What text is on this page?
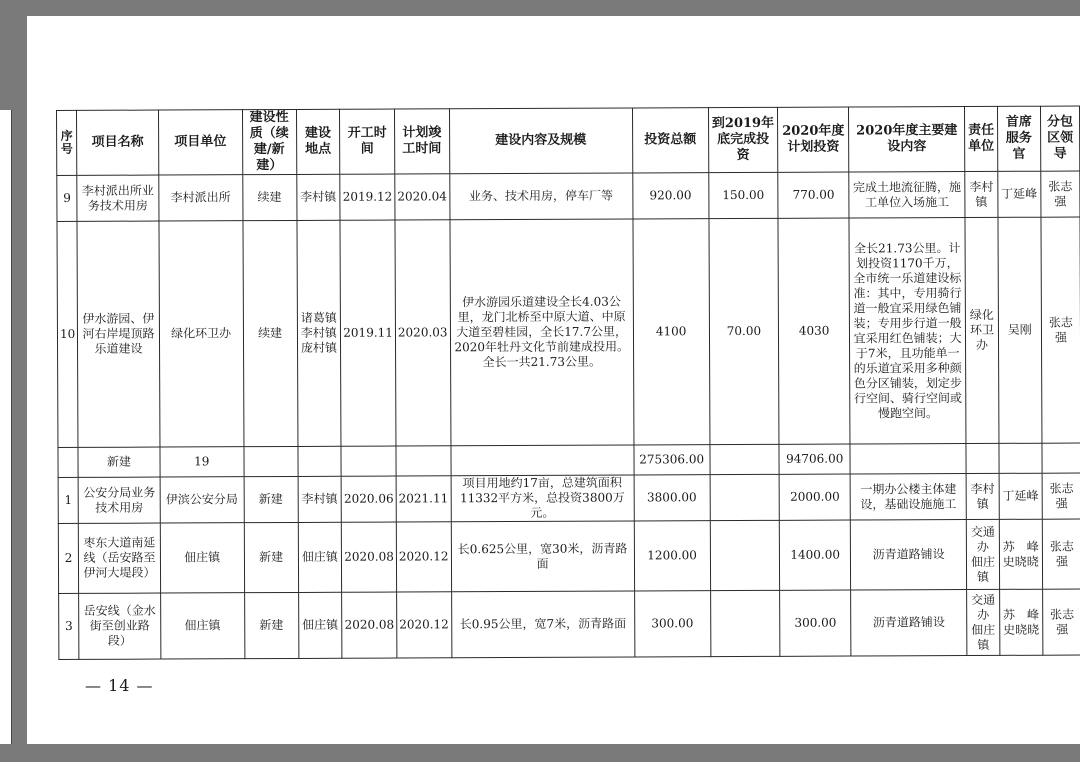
序号	项目名称	项目单位	建设性质（续建/新建）	建设地点	开工时间	计划竣工时间	建设内容及规模	投资总额	到2019年底完成投资	2020年度计划投资	2020年度主要建设内容	责任单位	首席服务官	分包区领导
9	李村派出所业务技术用房	李村派出所	续建	李村镇	2019.12	2020.04	业务、技术用房，停车厂等	920.00	150.00	770.00	完成土地流征腾，施工单位入场施工	李村镇	丁延峰	张志强
10	伊水游园、伊河右岸堤顶路乐道建设	绿化环卫办	续建	诸葛镇 李村镇 庞村镇	2019.11	2020.03	伊水游园乐道建设全长4.03公里，龙门北桥至中原大道、中原大道至碧桂园，全长17.7公里，2020年牡丹文化节前建成投用。全长一共21.73公里。	4100	70.00	4030	全长21.73公里。计划投资1170千万，全市统一乐道建设标准：其中，专用骑行道一般宜采用绿色铺装；专用步行道一般宜采用红色铺装；大于7米，且功能单一的乐道宜采用多种颜色分区铺装，划定步行空间、骑行空间或慢跑空间。	绿化环卫办	吴刚	张志强
	新建	19						275306.00		94706.00				
1	公安分局业务技术用房	伊滨公安分局	新建	李村镇	2020.06	2021.11	项目用地约17亩，总建筑面积11332平方米，总投资3800万元。	3800.00		2000.00	一期办公楼主体建设，基础设施施工	李村镇	丁延峰	张志强
2	枣东大道南延线（岳安路至伊河大堤段）	佃庄镇	新建	佃庄镇	2020.08	2020.12	长0.625公里，宽30米，沥青路面	1200.00		1400.00	沥青道路铺设	交通办 佃庄镇	苏　峰 史晓晓	张志强
3	岳安线（金水街至创业路段）	佃庄镇	新建	佃庄镇	2020.08	2020.12	长0.95公里，宽7米，沥青路面	300.00		300.00	沥青道路铺设	交通办 佃庄镇	苏　峰 史晓晓	张志强
— 14 —
